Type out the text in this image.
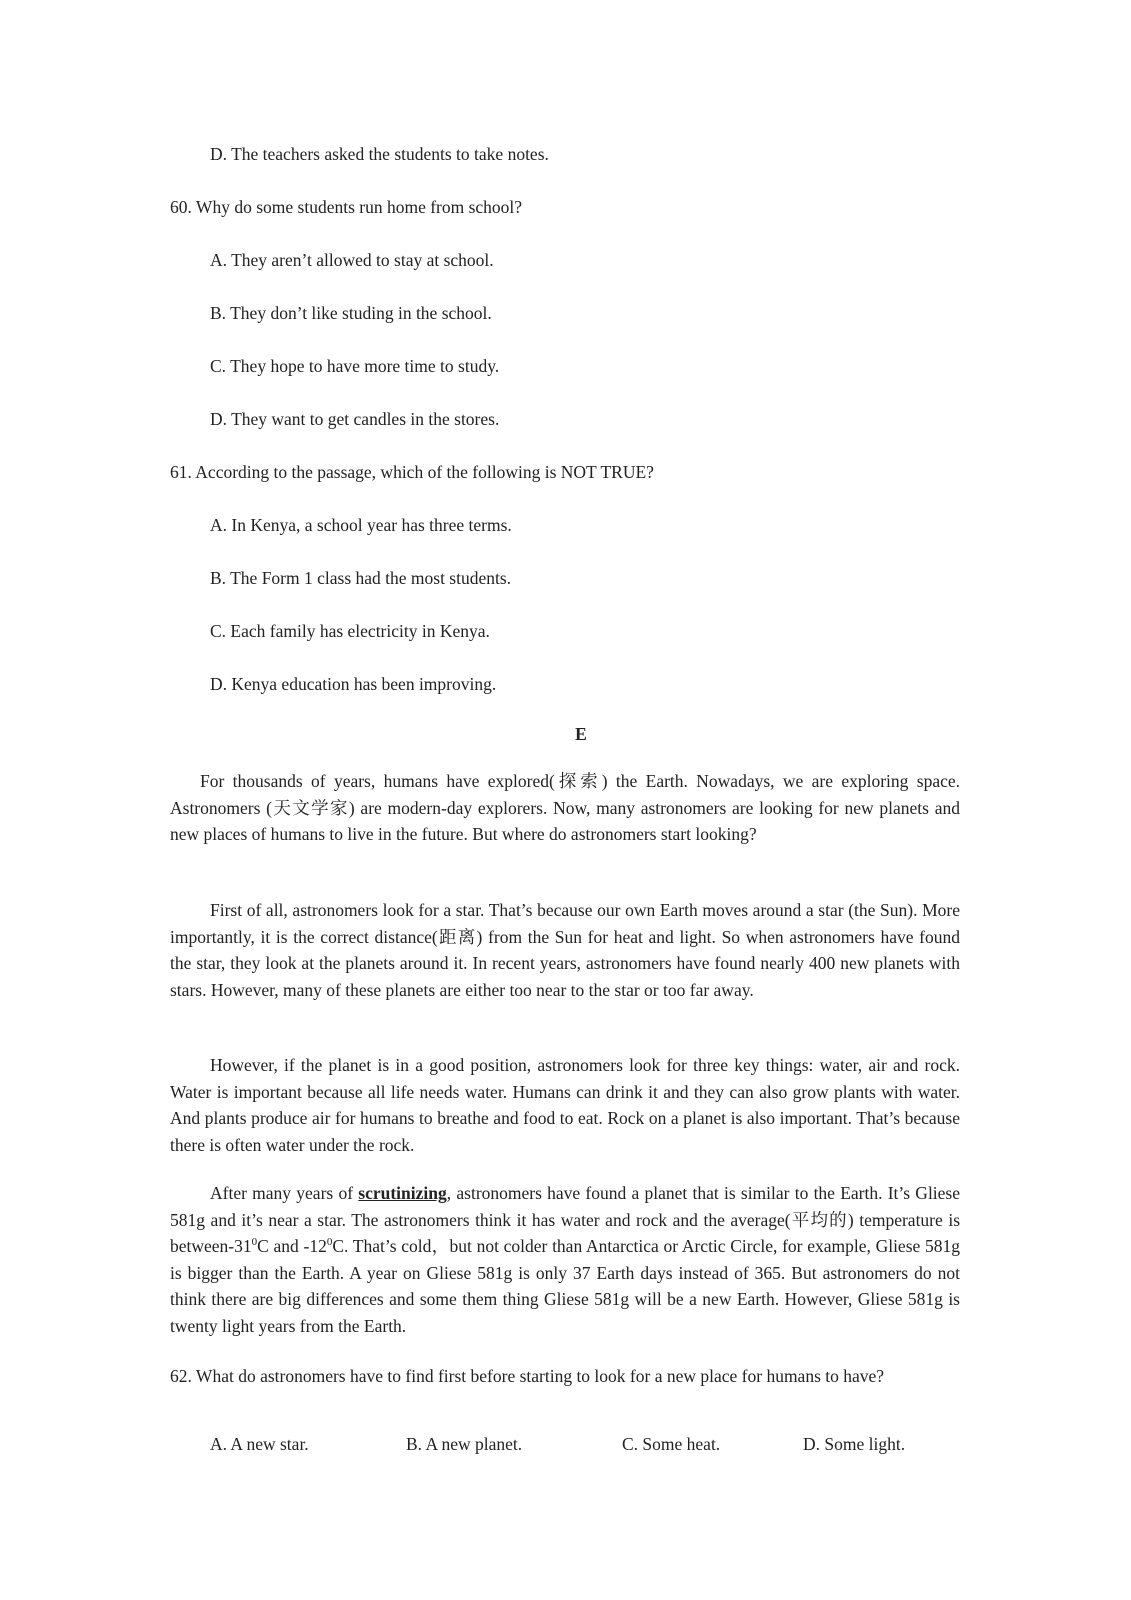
D. The teachers asked the students to take notes.
60. Why do some students run home from school?
A. They aren’t allowed to stay at school.
B. They don’t like studing in the school.
C. They hope to have more time to study.
D. They want to get candles in the stores.
61. According to the passage, which of the following is NOT TRUE?
A. In Kenya, a school year has three terms.
B. The Form 1 class had the most students.
C. Each family has electricity in Kenya.
D. Kenya education has been improving.
E
For thousands of years, humans have explored(探索) the Earth. Nowadays, we are exploring space. Astronomers (天文学家) are modern-day explorers. Now, many astronomers are looking for new planets and new places of humans to live in the future. But where do astronomers start looking?
First of all, astronomers look for a star. That’s because our own Earth moves around a star (the Sun). More importantly, it is the correct distance(距离) from the Sun for heat and light. So when astronomers have found the star, they look at the planets around it. In recent years, astronomers have found nearly 400 new planets with stars. However, many of these planets are either too near to the star or too far away.
However, if the planet is in a good position, astronomers look for three key things: water, air and rock. Water is important because all life needs water. Humans can drink it and they can also grow plants with water. And plants produce air for humans to breathe and food to eat. Rock on a planet is also important. That’s because there is often water under the rock.
After many years of scrutinizing, astronomers have found a planet that is similar to the Earth. It’s Gliese 581g and it’s near a star. The astronomers think it has water and rock and the average(平均的) temperature is between-$31^0C$ and $-12^0C$. That’s cold，but not colder than Antarctica or Arctic Circle, for example, Gliese 581g is bigger than the Earth. A year on Gliese 581g is only 37 Earth days instead of 365. But astronomers do not think there are big differences and some them thing Gliese 581g will be a new Earth. However, Gliese 581g is twenty light years from the Earth.
62. What do astronomers have to find first before starting to look for a new place for humans to have?
A. A new star.	B. A new planet.	C. Some heat.	D. Some light.
